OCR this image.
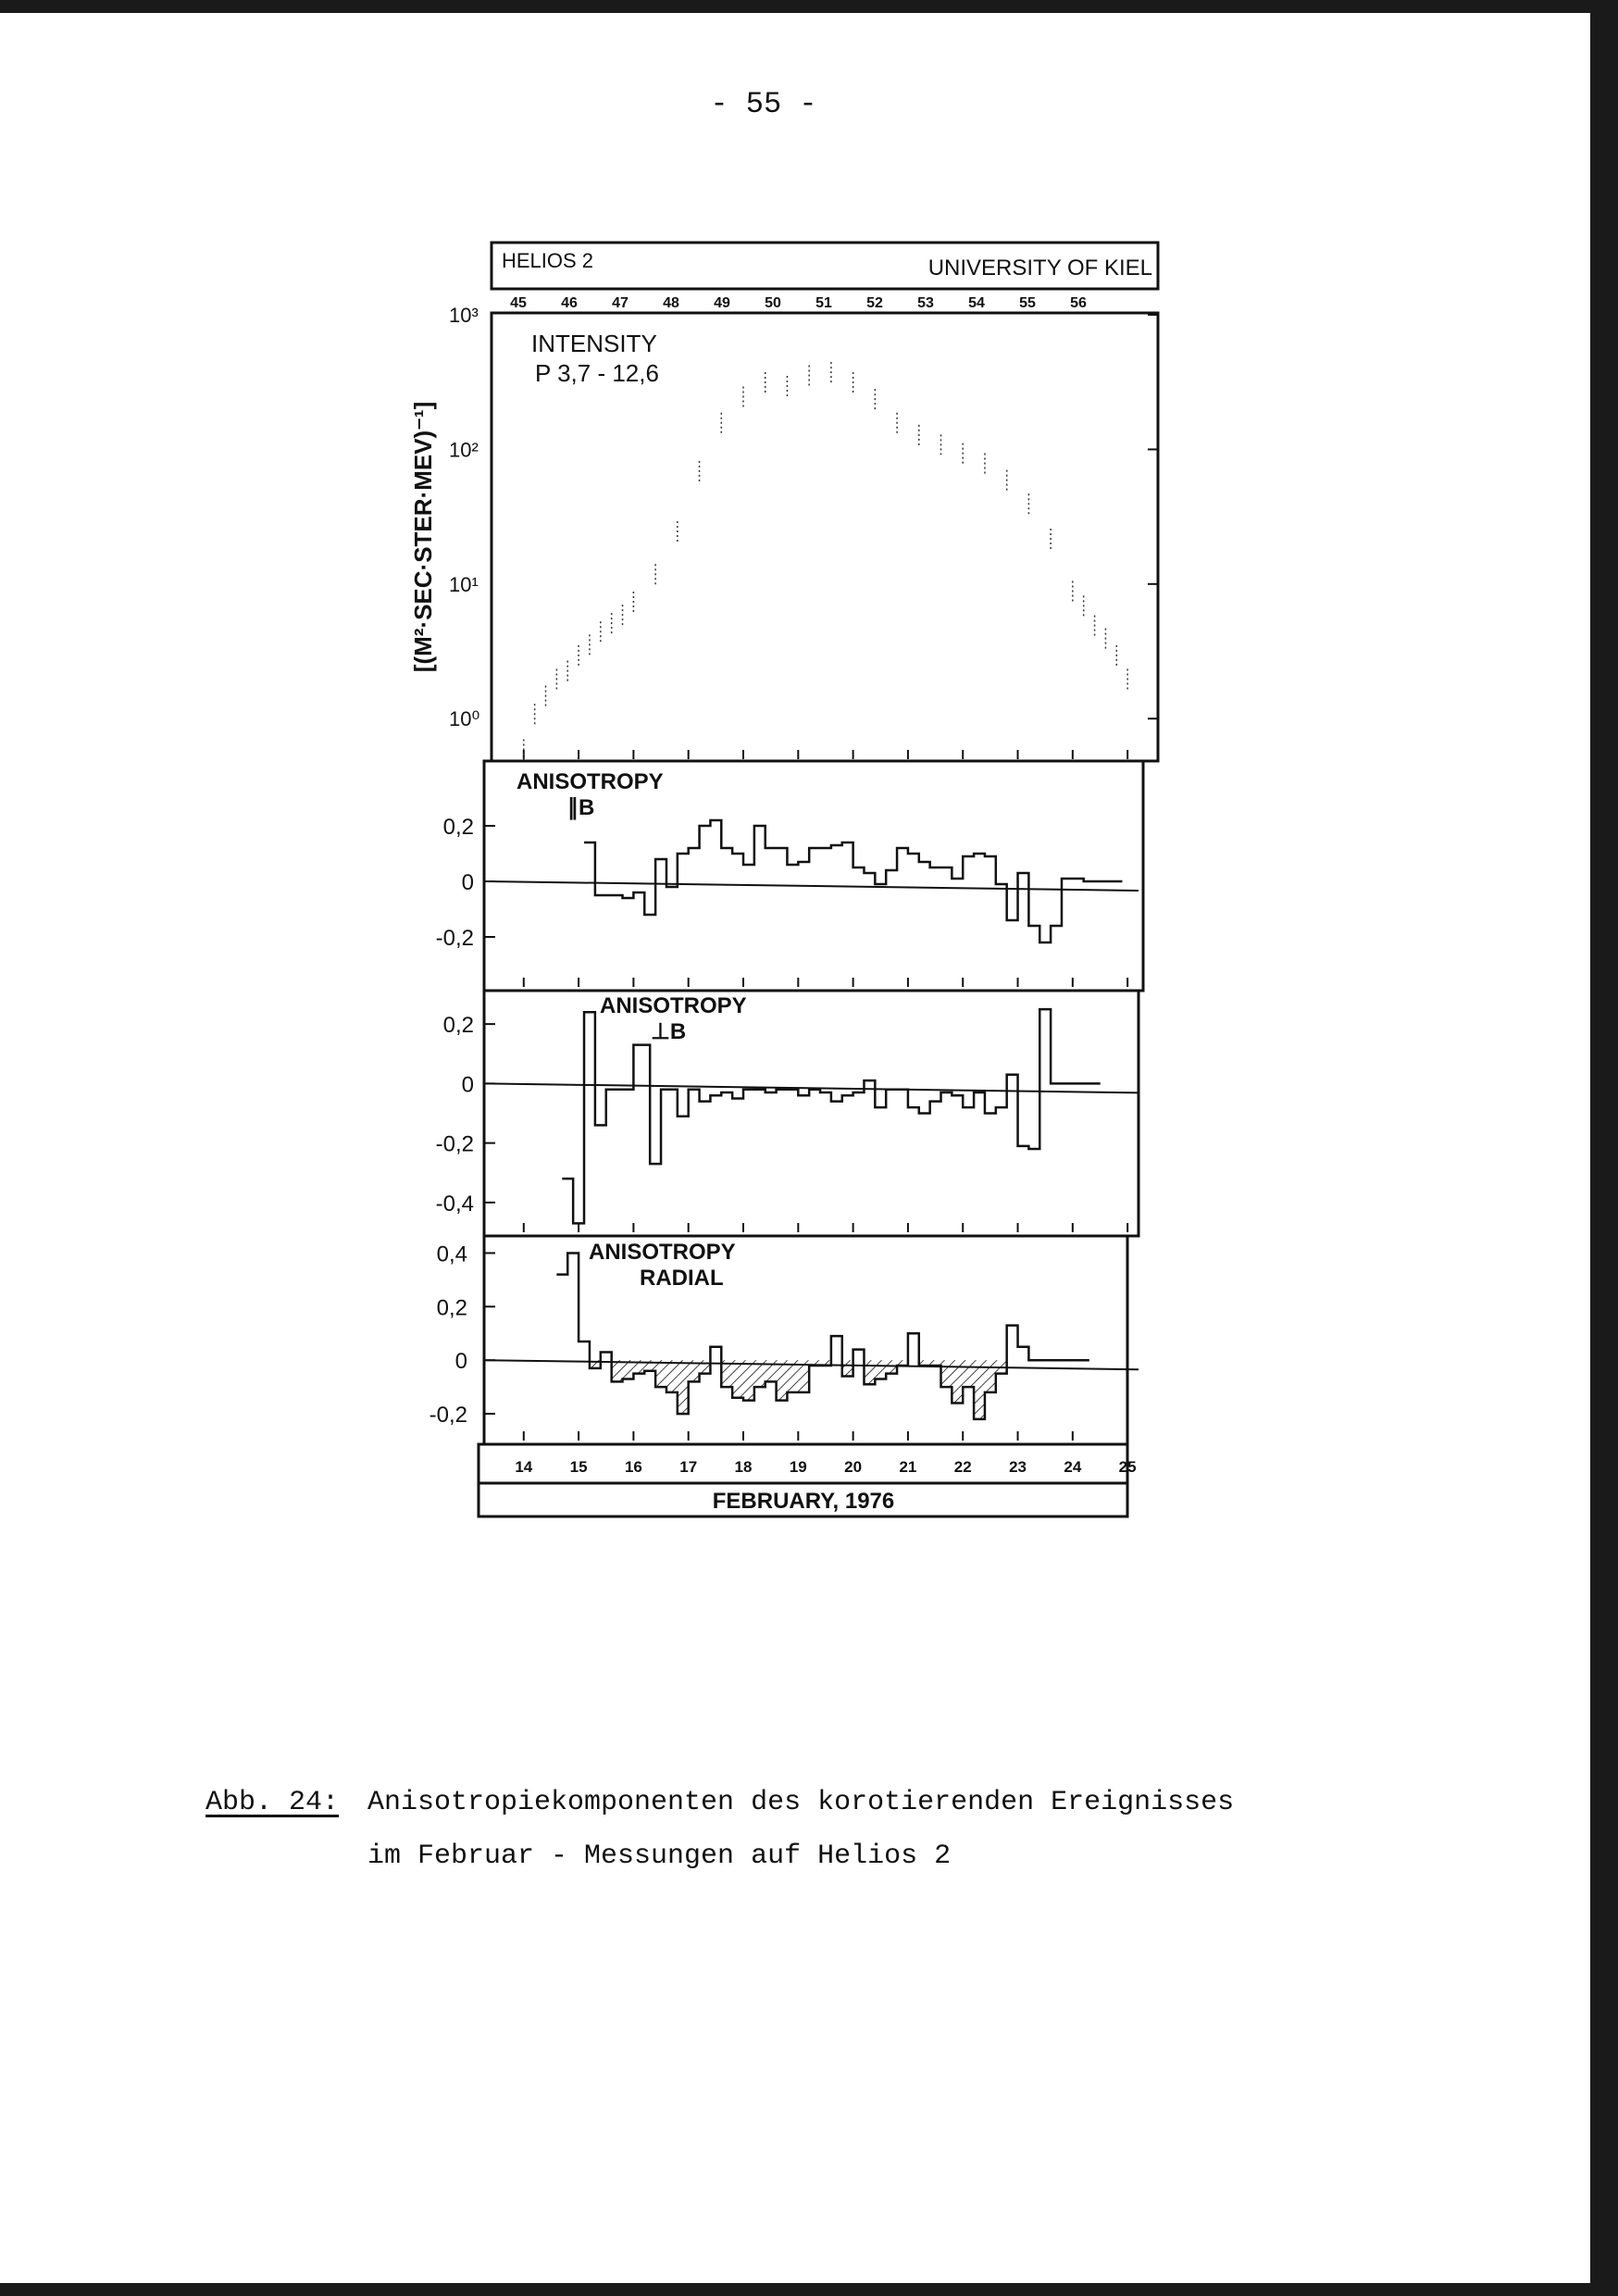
- 55 -
HELIOS 2	UNIVERSITY OF KIEL
45 46 47 48 49 50 51 52 53 54 55 56
FEBRUARY, 1976
[(M²·SEC·STER·MEV)⁻¹]
INTENSITY
P 3,7 - 12,6
10⁰
10¹
10²
10³
ANISOTROPY
∥B
0,2
0
-0,2
ANISOTROPY
⊥B
0,2
0
-0,2
-0,4
ANISOTROPY
RADIAL
0,4
0,2
0
-0,2
14 15 16 17 18 19 20 21 22 23 24 25
Abb. 24: Anisotropiekomponenten des korotierenden Ereignisses
im Februar - Messungen auf Helios 2
